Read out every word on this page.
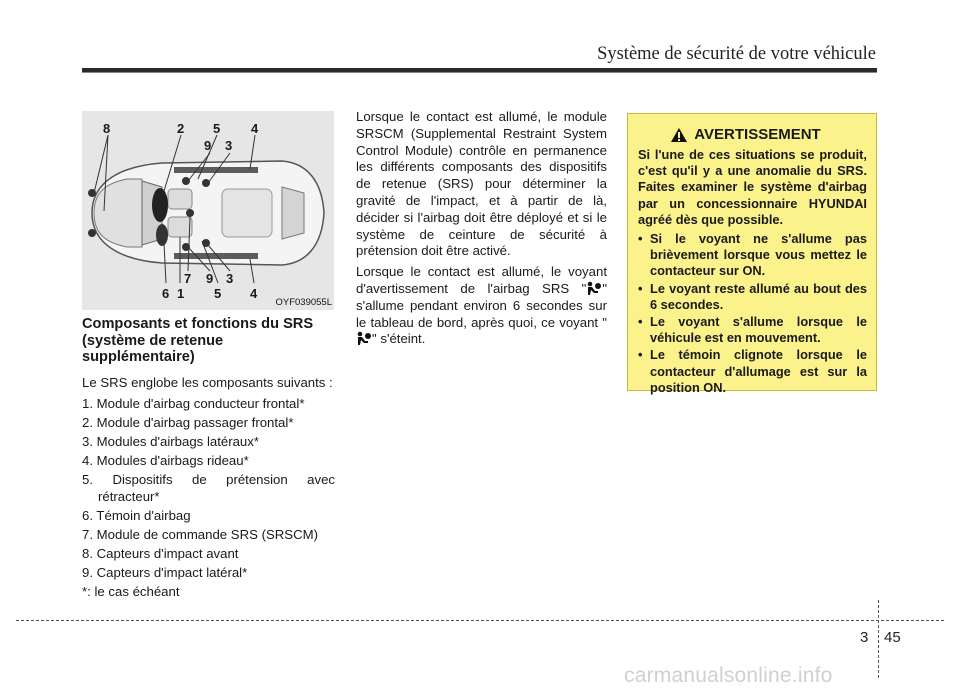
Système de sécurité de votre véhicule
8	2 5 4
9 3
6 1
7 9
5
3
4
OYF039055L
Composants et fonctions du SRS (système de retenue supplémentaire)

Le SRS englobe les composants suivants :

1. Module d'airbag conducteur frontal*
2. Module d'airbag passager frontal*
3. Modules d'airbags latéraux*
4. Modules d'airbags rideau*
5. Dispositifs de prétension avec rétracteur*
6. Témoin d'airbag
7. Module de commande SRS (SRSCM)
8. Capteurs d'impact avant
9. Capteurs d'impact latéral*
*: le cas échéant

Lorsque le contact est allumé, le module SRSCM (Supplemental Restraint System Control Module) contrôle en permanence les différents composants des dispositifs de retenue (SRS) pour déterminer la gravité de l'impact, et à partir de là, décider si l'airbag doit être déployé et si le système de ceinture de sécurité à prétension doit être activé.

Lorsque le contact est allumé, le voyant d'avertissement de l'airbag SRS " " s'allume pendant environ 6 secondes sur le tableau de bord, après quoi, ce voyant "" s'éteint.

AVERTISSEMENT

Si l'une de ces situations se produit, c'est qu'il y a une anomalie du SRS. Faites examiner le système d'airbag par un concessionnaire HYUNDAI agréé dès que possible.

• Si le voyant ne s'allume pas brièvement lorsque vous mettez le contacteur sur ON.
• Le voyant reste allumé au bout des 6 secondes.
• Le voyant s'allume lorsque le véhicule est en mouvement.
• Le témoin clignote lorsque le contacteur d'allumage est sur la position ON.
3 45
carmanualsonline.info
